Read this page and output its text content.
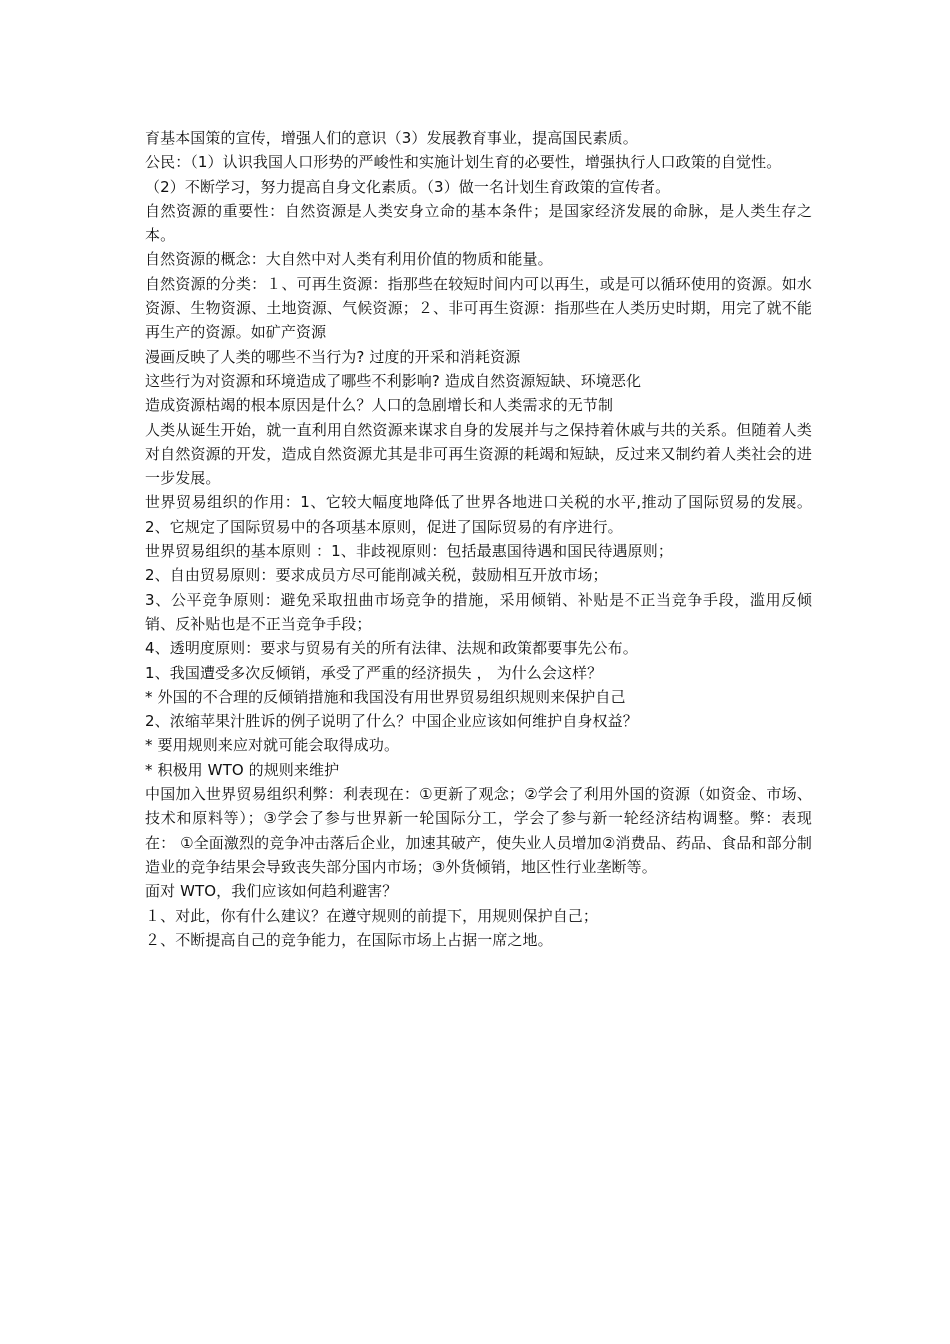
育基本国策的宣传，增强人们的意识（3）发展教育事业，提高国民素质。

公民：（1）认识我国人口形势的严峻性和实施计划生育的必要性，增强执行人口政策的自觉性。

（2）不断学习，努力提高自身文化素质。（3）做一名计划生育政策的宣传者。

自然资源的重要性：自然资源是人类安身立命的基本条件；是国家经济发展的命脉，是人类生存之本。

自然资源的概念：大自然中对人类有利用价值的物质和能量。

自然资源的分类：１、可再生资源：指那些在较短时间内可以再生，或是可以循环使用的资源。如水资源、生物资源、土地资源、气候资源；２、非可再生资源：指那些在人类历史时期，用完了就不能再生产的资源。如矿产资源

漫画反映了人类的哪些不当行为? 过度的开采和消耗资源

这些行为对资源和环境造成了哪些不利影响? 造成自然资源短缺、环境恶化

造成资源枯竭的根本原因是什么？人口的急剧增长和人类需求的无节制

人类从诞生开始，就一直利用自然资源来谋求自身的发展并与之保持着休戚与共的关系。但随着人类对自然资源的开发，造成自然资源尤其是非可再生资源的耗竭和短缺，反过来又制约着人类社会的进一步发展。

世界贸易组织的作用：1、它较大幅度地降低了世界各地进口关税的水平,推动了国际贸易的发展。2、它规定了国际贸易中的各项基本原则，促进了国际贸易的有序进行。

世界贸易组织的基本原则 ：1、非歧视原则：包括最惠国待遇和国民待遇原则；

2、自由贸易原则：要求成员方尽可能削减关税，鼓励相互开放市场；

3、公平竞争原则：避免采取扭曲市场竞争的措施，采用倾销、补贴是不正当竞争手段，滥用反倾销、反补贴也是不正当竞争手段；

4、透明度原则：要求与贸易有关的所有法律、法规和政策都要事先公布。

1、我国遭受多次反倾销，承受了严重的经济损失 ， 为什么会这样？

* 外国的不合理的反倾销措施和我国没有用世界贸易组织规则来保护自己

2、浓缩苹果汁胜诉的例子说明了什么？中国企业应该如何维护自身权益？

* 要用规则来应对就可能会取得成功。

* 积极用 WTO 的规则来维护

中国加入世界贸易组织利弊：利表现在：①更新了观念；②学会了利用外国的资源（如资金、市场、技术和原料等）；③学会了参与世界新一轮国际分工，学会了参与新一轮经济结构调整。弊：表现在： ①全面激烈的竞争冲击落后企业，加速其破产，使失业人员增加②消费品、药品、食品和部分制造业的竞争结果会导致丧失部分国内市场；③外货倾销，地区性行业垄断等。

面对 WTO，我们应该如何趋利避害？

１、对此，你有什么建议？在遵守规则的前提下，用规则保护自己；

２、不断提高自己的竞争能力，在国际市场上占据一席之地。
